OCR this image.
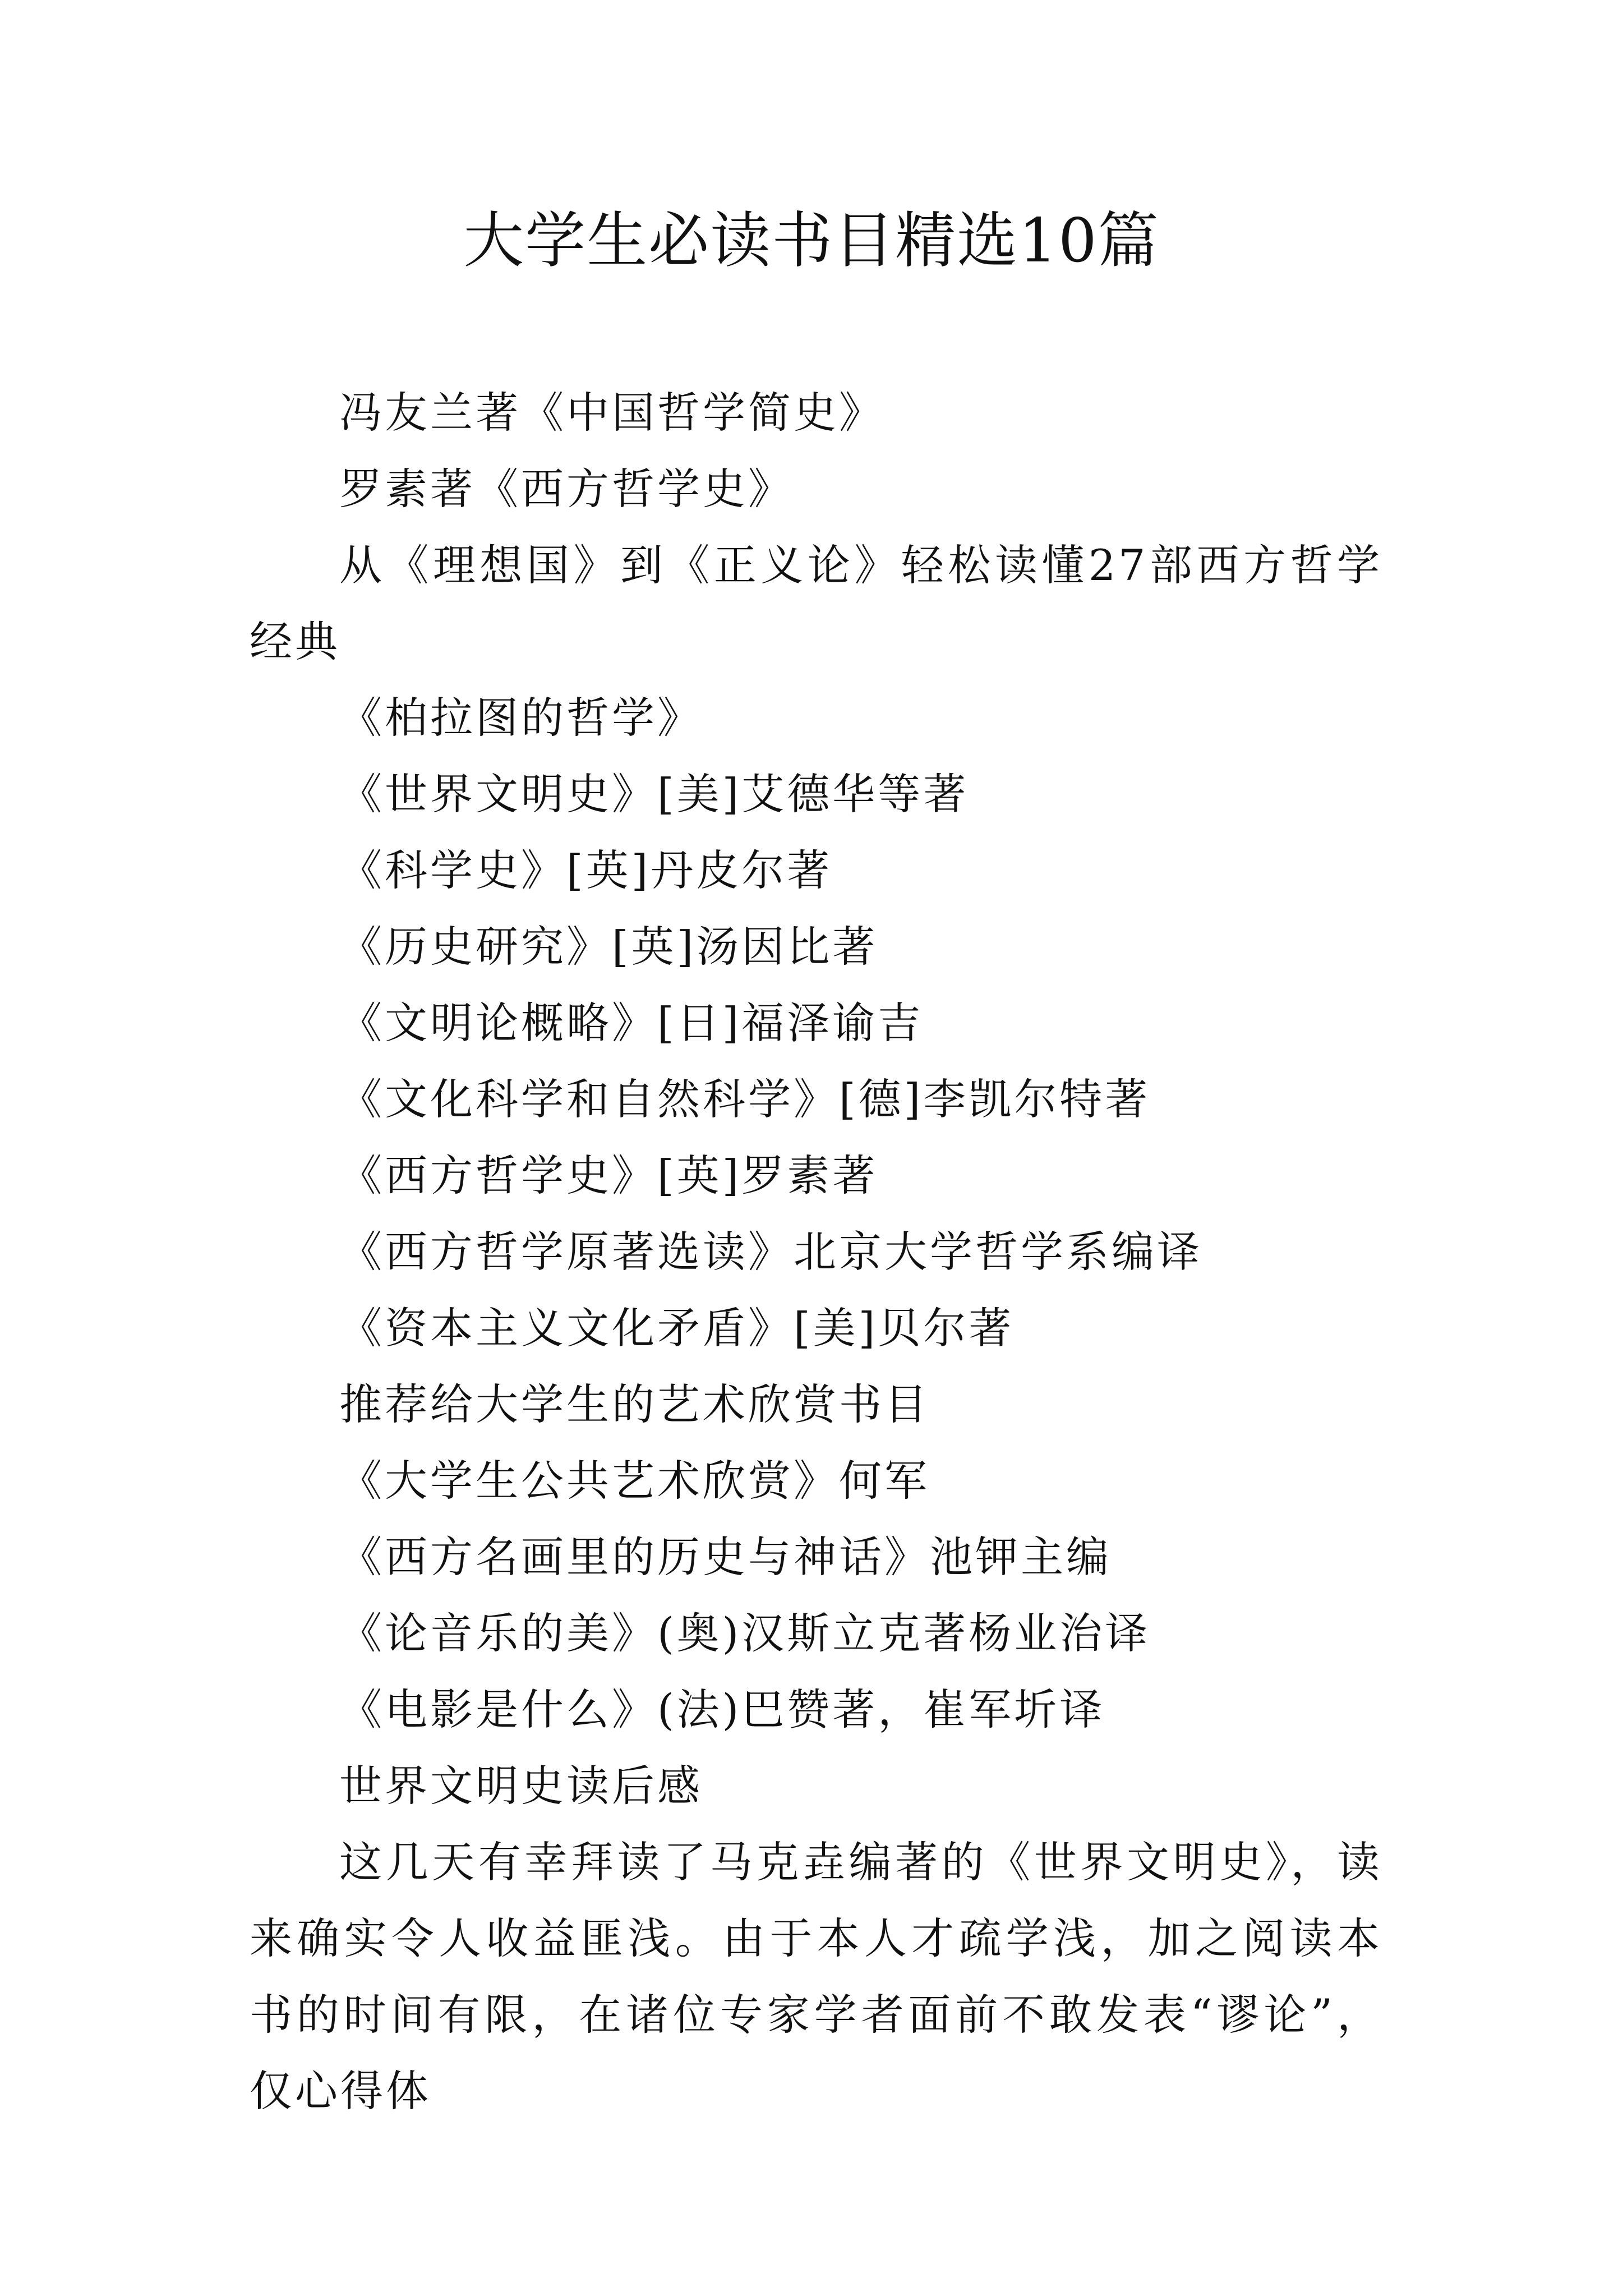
大学生必读书目精选10篇

冯友兰著《中国哲学简史》

罗素著《西方哲学史》

从《理想国》到《正义论》轻松读懂27部西方哲学经典

《柏拉图的哲学》

《世界文明史》[美]艾德华等著

《科学史》[英]丹皮尔著

《历史研究》[英]汤因比著

《文明论概略》[日]福泽谕吉

《文化科学和自然科学》[德]李凯尔特著

《西方哲学史》[英]罗素著

《西方哲学原著选读》北京大学哲学系编译

《资本主义文化矛盾》[美]贝尔著

推荐给大学生的艺术欣赏书目

《大学生公共艺术欣赏》何军

《西方名画里的历史与神话》池钾主编

《论音乐的美》(奥)汉斯立克著杨业治译

《电影是什么》(法)巴赞著，崔军圻译

世界文明史读后感

这几天有幸拜读了马克垚编著的《世界文明史》，读来确实令人收益匪浅。由于本人才疏学浅，加之阅读本书的时间有限，在诸位专家学者面前不敢发表“谬论”，仅心得体
